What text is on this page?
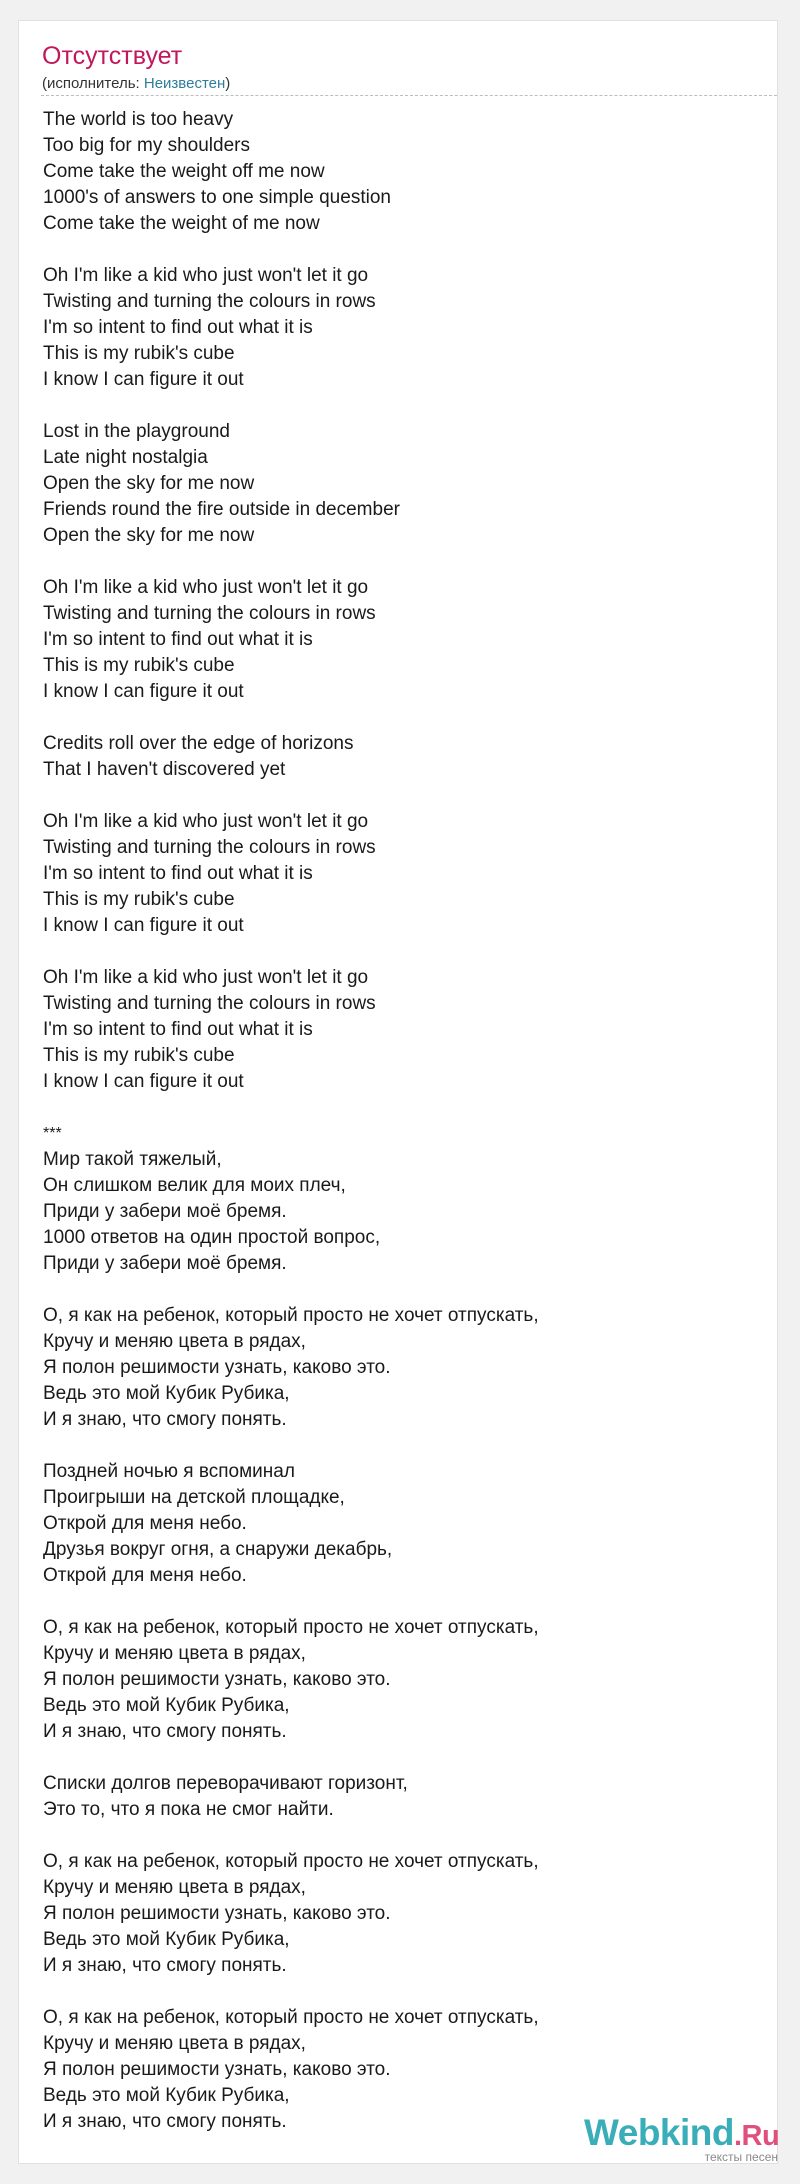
Отсутствует
(исполнитель: Неизвестен)
The world is too heavy
Too big for my shoulders
Come take the weight off me now
1000's of answers to one simple question
Come take the weight of me now
Oh I'm like a kid who just won't let it go
Twisting and turning the colours in rows
I'm so intent to find out what it is
This is my rubik's cube
I know I can figure it out
Lost in the playground
Late night nostalgia
Open the sky for me now
Friends round the fire outside in december
Open the sky for me now
Oh I'm like a kid who just won't let it go
Twisting and turning the colours in rows
I'm so intent to find out what it is
This is my rubik's cube
I know I can figure it out
Credits roll over the edge of horizons
That I haven't discovered yet
Oh I'm like a kid who just won't let it go
Twisting and turning the colours in rows
I'm so intent to find out what it is
This is my rubik's cube
I know I can figure it out
Oh I'm like a kid who just won't let it go
Twisting and turning the colours in rows
I'm so intent to find out what it is
This is my rubik's cube
I know I can figure it out
***
Мир такой тяжелый,
Он слишком велик для моих плеч,
Приди у забери моё бремя.
1000 ответов на один простой вопрос,
Приди у забери моё бремя.
О, я как на ребенок, который просто не хочет отпускать,
Кручу и меняю цвета в рядах,
Я полон решимости узнать, каково это.
Ведь это мой Кубик Рубика,
И я знаю, что смогу понять.
Поздней ночью я вспоминал
Проигрыши на детской площадке,
Открой для меня небо.
Друзья вокруг огня, а снаружи декабрь,
Открой для меня небо.
О, я как на ребенок, который просто не хочет отпускать,
Кручу и меняю цвета в рядах,
Я полон решимости узнать, каково это.
Ведь это мой Кубик Рубика,
И я знаю, что смогу понять.
Списки долгов переворачивают горизонт,
Это то, что я пока не смог найти.
О, я как на ребенок, который просто не хочет отпускать,
Кручу и меняю цвета в рядах,
Я полон решимости узнать, каково это.
Ведь это мой Кубик Рубика,
И я знаю, что смогу понять.
О, я как на ребенок, который просто не хочет отпускать,
Кручу и меняю цвета в рядах,
Я полон решимости узнать, каково это.
Ведь это мой Кубик Рубика,
И я знаю, что смогу понять.	Webkind.Ru
тексты песен
